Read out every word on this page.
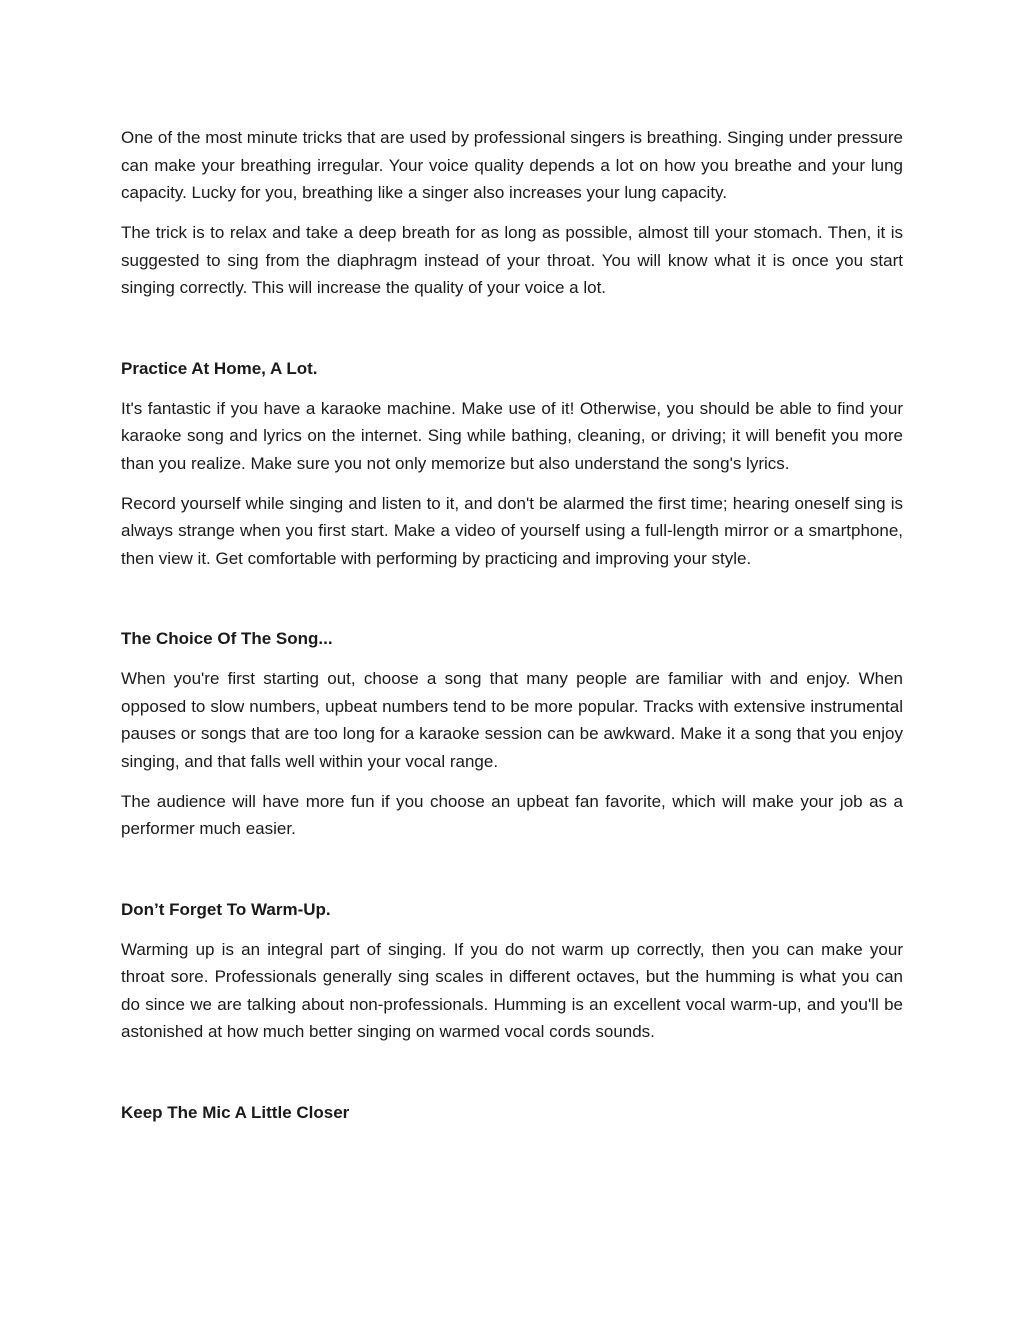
One of the most minute tricks that are used by professional singers is breathing. Singing under pressure can make your breathing irregular. Your voice quality depends a lot on how you breathe and your lung capacity. Lucky for you, breathing like a singer also increases your lung capacity.

The trick is to relax and take a deep breath for as long as possible, almost till your stomach. Then, it is suggested to sing from the diaphragm instead of your throat. You will know what it is once you start singing correctly. This will increase the quality of your voice a lot.

Practice At Home, A Lot.

It's fantastic if you have a karaoke machine. Make use of it! Otherwise, you should be able to find your karaoke song and lyrics on the internet. Sing while bathing, cleaning, or driving; it will benefit you more than you realize. Make sure you not only memorize but also understand the song's lyrics.

Record yourself while singing and listen to it, and don't be alarmed the first time; hearing oneself sing is always strange when you first start. Make a video of yourself using a full-length mirror or a smartphone, then view it. Get comfortable with performing by practicing and improving your style.

The Choice Of The Song...

When you're first starting out, choose a song that many people are familiar with and enjoy. When opposed to slow numbers, upbeat numbers tend to be more popular. Tracks with extensive instrumental pauses or songs that are too long for a karaoke session can be awkward. Make it a song that you enjoy singing, and that falls well within your vocal range.

The audience will have more fun if you choose an upbeat fan favorite, which will make your job as a performer much easier.

Don’t Forget To Warm-Up.

Warming up is an integral part of singing. If you do not warm up correctly, then you can make your throat sore. Professionals generally sing scales in different octaves, but the humming is what you can do since we are talking about non-professionals. Humming is an excellent vocal warm-up, and you'll be astonished at how much better singing on warmed vocal cords sounds.

Keep The Mic A Little Closer
